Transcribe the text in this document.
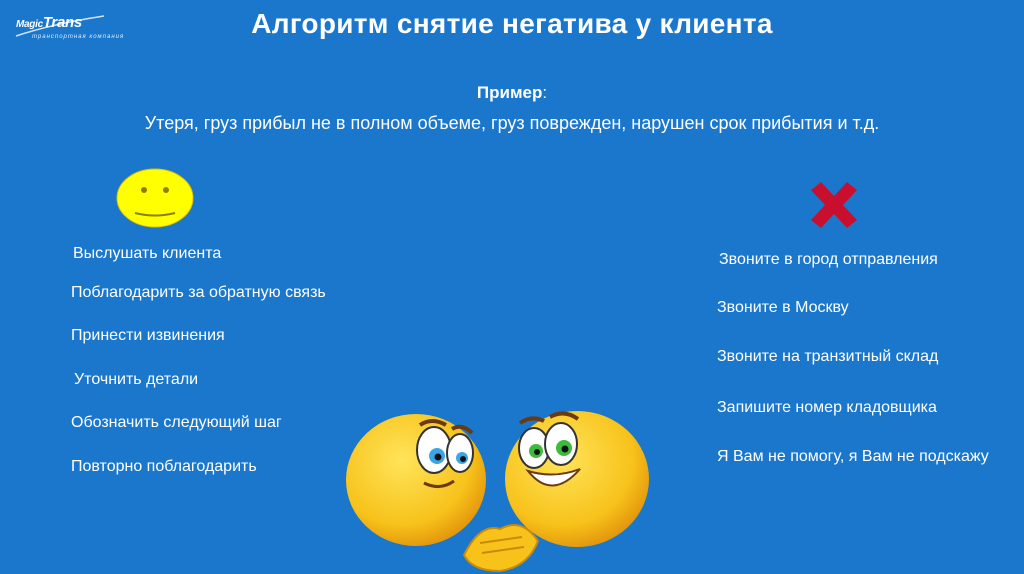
MagicTrans
транспортная компания	Алгоритм снятие негатива у клиента
Пример:
Утеря, груз прибыл не в полном объеме, груз поврежден, нарушен срок прибытия и т.д.
Выслушать клиента
Поблагодарить за обратную связь
Принести извинения
Уточнить детали
Обозначить следующий шаг
Повторно поблагодарить
Звоните в город отправления
Звоните в Москву
Звоните на транзитный склад
Запишите номер кладовщика
Я Вам не помогу, я Вам не подскажу
